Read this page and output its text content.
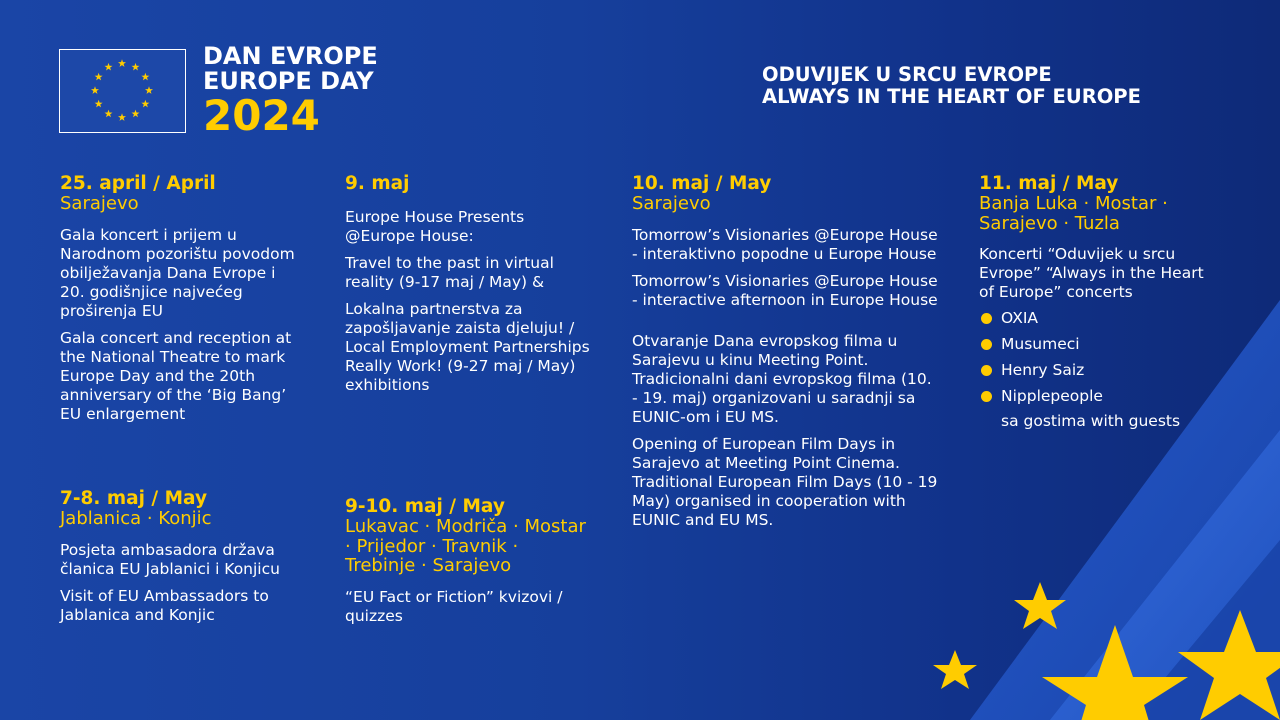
DAN EVROPE
EUROPE DAY
2024
ODUVIJEK U SRCU EVROPE
ALWAYS IN THE HEART OF EUROPE
25. april / April
Sarajevo

Gala koncert i prijem u Narodnom pozorištu povodom obilježavanja Dana Evrope i 20. godišnjice najvećeg proširenja EU

Gala concert and reception at the National Theatre to mark Europe Day and the 20th anniversary of the ‘Big Bang’ EU enlargement

7-8. maj / May
Jablanica · Konjic

Posjeta ambasadora država članica EU Jablanici i Konjicu

Visit of EU Ambassadors to Jablanica and Konjic

9. maj

Europe House Presents @Europe House:

Travel to the past in virtual reality (9-17 maj / May) &

Lokalna partnerstva za zapošljavanje zaista djeluju! / Local Employment Partnerships Really Work! (9-27 maj / May) exhibitions

9-10. maj / May
Lukavac · Modriča · Mostar · Prijedor · Travnik · Trebinje · Sarajevo

“EU Fact or Fiction” kvizovi / quizzes

10. maj / May
Sarajevo

Tomorrow’s Visionaries @Europe House - interaktivno popodne u Europe House

Tomorrow’s Visionaries @Europe House - interactive afternoon in Europe House

Otvaranje Dana evropskog filma u Sarajevu u kinu Meeting Point. Tradicionalni dani evropskog filma (10. - 19. maj) organizovani u saradnji sa EUNIC-om i EU MS.

Opening of European Film Days in Sarajevo at Meeting Point Cinema. Traditional European Film Days (10 - 19 May) organised in cooperation with EUNIC and EU MS.

11. maj / May
Banja Luka · Mostar · Sarajevo · Tuzla

Koncerti “Oduvijek u srcu Evrope” “Always in the Heart of Europe” concerts

OXIA
Musumeci
Henry Saiz
Nipplepeople
sa gostima with guests
